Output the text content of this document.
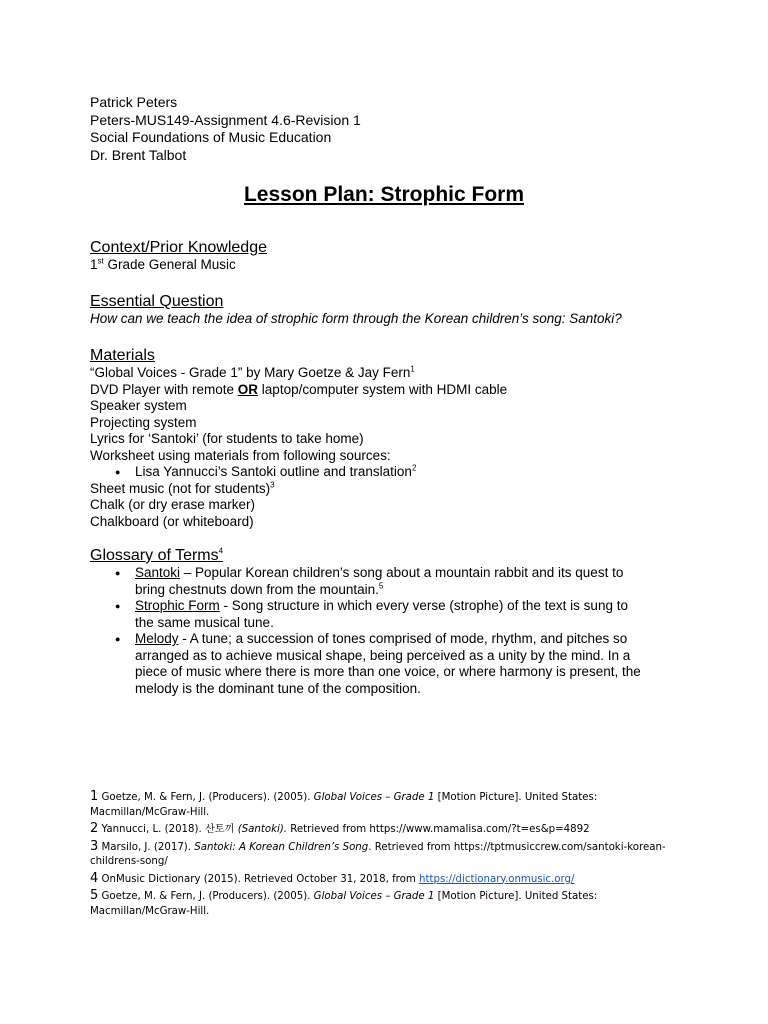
Patrick Peters
Peters-MUS149-Assignment 4.6-Revision 1
Social Foundations of Music Education
Dr. Brent Talbot
Lesson Plan: Strophic Form
Context/Prior Knowledge
1st Grade General Music
Essential Question
How can we teach the idea of strophic form through the Korean children’s song: Santoki?
Materials
“Global Voices - Grade 1” by Mary Goetze & Jay Fern$^1$
DVD Player with remote OR laptop/computer system with HDMI cable
Speaker system
Projecting system
Lyrics for ‘Santoki’ (for students to take home)
Worksheet using materials from following sources:
● Lisa Yannucci’s Santoki outline and translation$^2$
Sheet music (not for students)$^3$
Chalk (or dry erase marker)
Chalkboard (or whiteboard)
Glossary of Terms$^4$
● Santoki – Popular Korean children’s song about a mountain rabbit and its quest to bring chestnuts down from the mountain.$^5$
● Strophic Form - Song structure in which every verse (strophe) of the text is sung to the same musical tune.
● Melody - A tune; a succession of tones comprised of mode, rhythm, and pitches so arranged as to achieve musical shape, being perceived as a unity by the mind. In a piece of music where there is more than one voice, or where harmony is present, the melody is the dominant tune of the composition.
1 Goetze, M. & Fern, J. (Producers). (2005). Global Voices – Grade 1 [Motion Picture]. United States: Macmillan/McGraw-Hill.
2 Yannucci, L. (2018). 산토끼 (Santoki). Retrieved from https://www.mamalisa.com/?t=es&p=4892
3 Marsilo, J. (2017). Santoki: A Korean Children’s Song. Retrieved from https://tptmusiccrew.com/santoki-korean-childrens-song/
4 OnMusic Dictionary (2015). Retrieved October 31, 2018, from https://dictionary.onmusic.org/
5 Goetze, M. & Fern, J. (Producers). (2005). Global Voices – Grade 1 [Motion Picture]. United States: Macmillan/McGraw-Hill.
